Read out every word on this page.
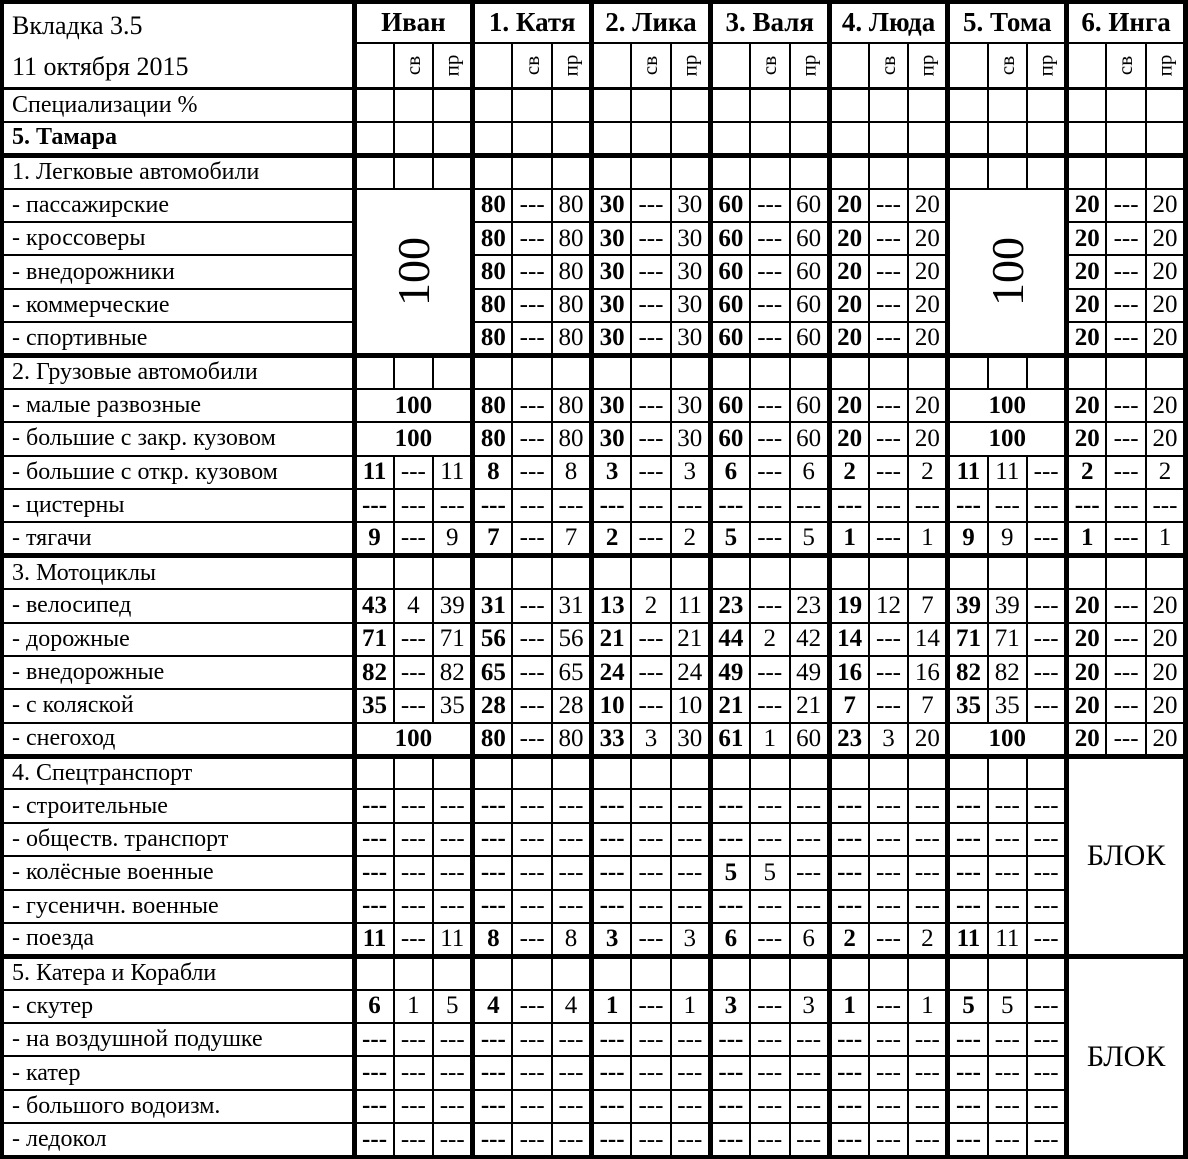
Вкладка 3.5
11 октября 2015	Иван			1. Катя			2. Лика			3. Валя			4. Люда			5. Тома			6. Инга		
		св	пр		св	пр		св	пр		св	пр		св	пр		св	пр		св	пр
Специализации %																					
5. Тамара																					
1. Легковые автомобили																					
- пассажирские	100			80	---	80	30	---	30	60	---	60	20	---	20	100			20	---	20
- кроссоверы				80	---	80	30	---	30	60	---	60	20	---	20				20	---	20
- внедорожники				80	---	80	30	---	30	60	---	60	20	---	20				20	---	20
- коммерческие				80	---	80	30	---	30	60	---	60	20	---	20				20	---	20
- спортивные				80	---	80	30	---	30	60	---	60	20	---	20				20	---	20
2. Грузовые автомобили																					
- малые развозные	100			80	---	80	30	---	30	60	---	60	20	---	20	100			20	---	20
- большие с закр. кузовом	100			80	---	80	30	---	30	60	---	60	20	---	20	100			20	---	20
- большие с откр. кузовом	11	---	11	8	---	8	3	---	3	6	---	6	2	---	2	11	11	---	2	---	2
- цистерны	---	---	---	---	---	---	---	---	---	---	---	---	---	---	---	---	---	---	---	---	---
- тягачи	9	---	9	7	---	7	2	---	2	5	---	5	1	---	1	9	9	---	1	---	1
3. Мотоциклы																					
- велосипед	43	4	39	31	---	31	13	2	11	23	---	23	19	12	7	39	39	---	20	---	20
- дорожные	71	---	71	56	---	56	21	---	21	44	2	42	14	---	14	71	71	---	20	---	20
- внедорожные	82	---	82	65	---	65	24	---	24	49	---	49	16	---	16	82	82	---	20	---	20
- с коляской	35	---	35	28	---	28	10	---	10	21	---	21	7	---	7	35	35	---	20	---	20
- снегоход	100			80	---	80	33	3	30	61	1	60	23	3	20	100			20	---	20
4. Спецтранспорт																			БЛОК		
- строительные	---	---	---	---	---	---	---	---	---	---	---	---	---	---	---	---	---	---			
- обществ. транспорт	---	---	---	---	---	---	---	---	---	---	---	---	---	---	---	---	---	---			
- колёсные военные	---	---	---	---	---	---	---	---	---	5	5	---	---	---	---	---	---	---			
- гусеничн. военные	---	---	---	---	---	---	---	---	---	---	---	---	---	---	---	---	---	---			
- поезда	11	---	11	8	---	8	3	---	3	6	---	6	2	---	2	11	11	---			
5. Катера и Корабли																			БЛОК		
- скутер	6	1	5	4	---	4	1	---	1	3	---	3	1	---	1	5	5	---			
- на воздушной подушке	---	---	---	---	---	---	---	---	---	---	---	---	---	---	---	---	---	---			
- катер	---	---	---	---	---	---	---	---	---	---	---	---	---	---	---	---	---	---			
- большого водоизм.	---	---	---	---	---	---	---	---	---	---	---	---	---	---	---	---	---	---			
- ледокол	---	---	---	---	---	---	---	---	---	---	---	---	---	---	---	---	---	---			
